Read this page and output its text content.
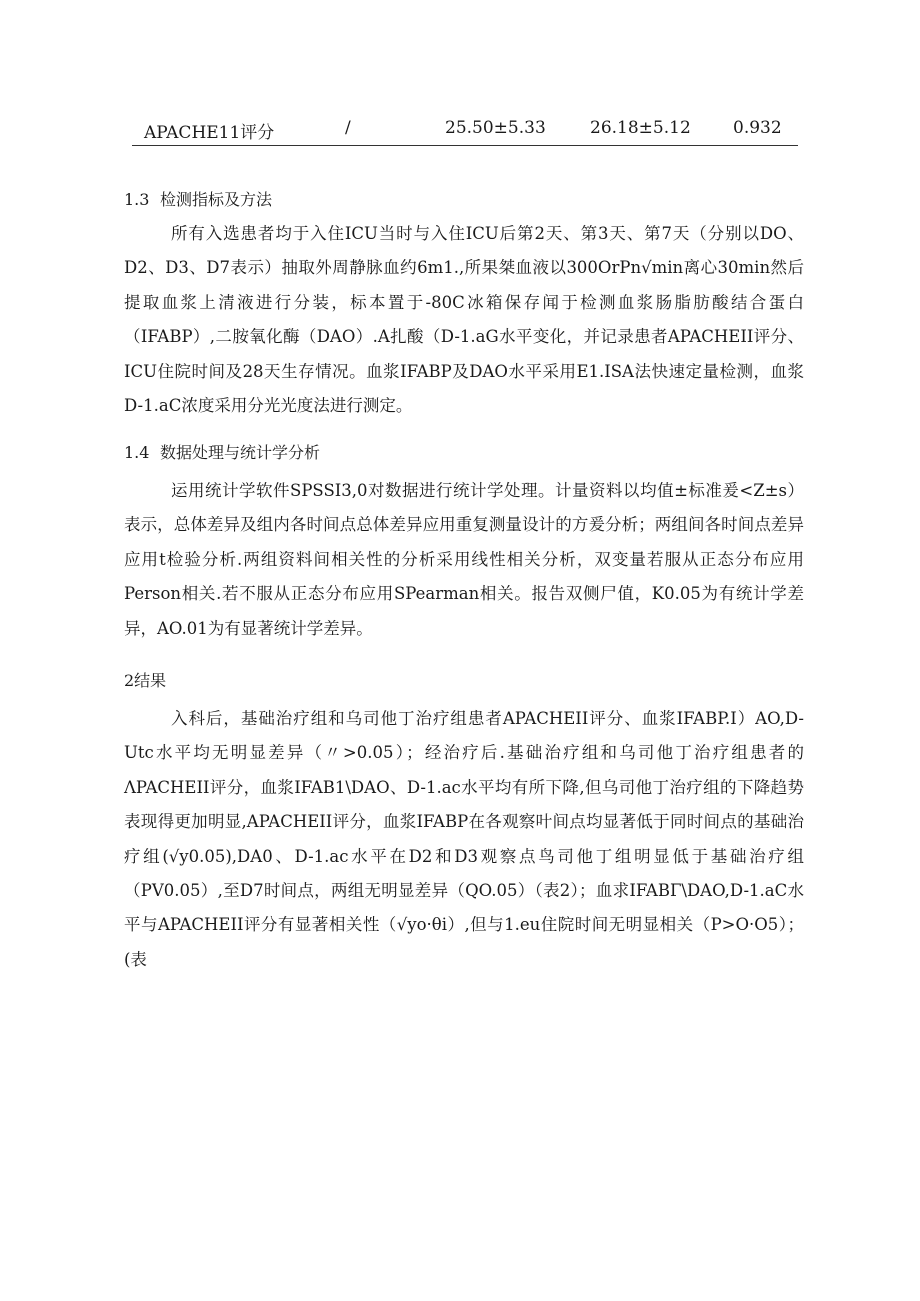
APACHE11评分	/	25.50±5.33	26.18±5.12 0.932
1.3 检测指标及方法

所有入选患者均于入住ICU当时与入住ICU后第2天、第3天、第7天（分别以DO、D2、D3、D7表示）抽取外周静脉血约6m1.,所果桀血液以300OrPn√min离心30min然后提取血浆上清液进行分装，标本置于-80C冰箱保存闻于检测血浆肠脂肪酸结合蛋白（IFABP）,二胺氧化酶（DAO）.A扎酸（D-1.aG水平变化，并记录患者APACHEII评分、ICU住院时间及28天生存情况。血浆IFABP及DAO水平采用E1.ISA法快速定量检测，血浆D-1.aC浓度采用分光光度法进行测定。

1.4 数据处理与统计学分析

运用统计学软件SPSSI3,0对数据进行统计学处理。计量资料以均值±标准爰<Z±s）表示，总体差异及组内各时间点总体差异应用重复测量设计的方爰分析；两组间各时间点差异应用t检验分析.两组资料间相关性的分析采用线性相关分析，双变量若服从正态分布应用Person相关.若不服从正态分布应用SPearman相关。报告双侧尸值，K0.05为有统计学差异，AO.01为有显著统计学差异。

2结果

入科后，基础治疗组和乌司他丁治疗组患者APACHEII评分、血浆IFABP.I）AO,D-Utc水平均无明显差异（〃>0.05）；经治疗后.基础治疗组和乌司他丁治疗组患者的ΛPACHEII评分，血浆IFAB1\DAO、D-1.ac水平均有所下降,但乌司他丁治疗组的下降趋势表现得更加明显,APACHEII评分，血浆IFABP在各观察叶间点均显著低于同时间点的基础治疗组(√y0.05),DA0、D-1.ac水平在D2和D3观察点鸟司他丁组明显低于基础治疗组（PV0.05）,至D7时间点，两组无明显差异（QO.05）（表2）；血求IFABΓ\DAO,D-1.aC水平与APACHEII评分有显著相关性（√yo·θi）,但与1.eu住院时间无明显相关（P>O·O5）；(表
